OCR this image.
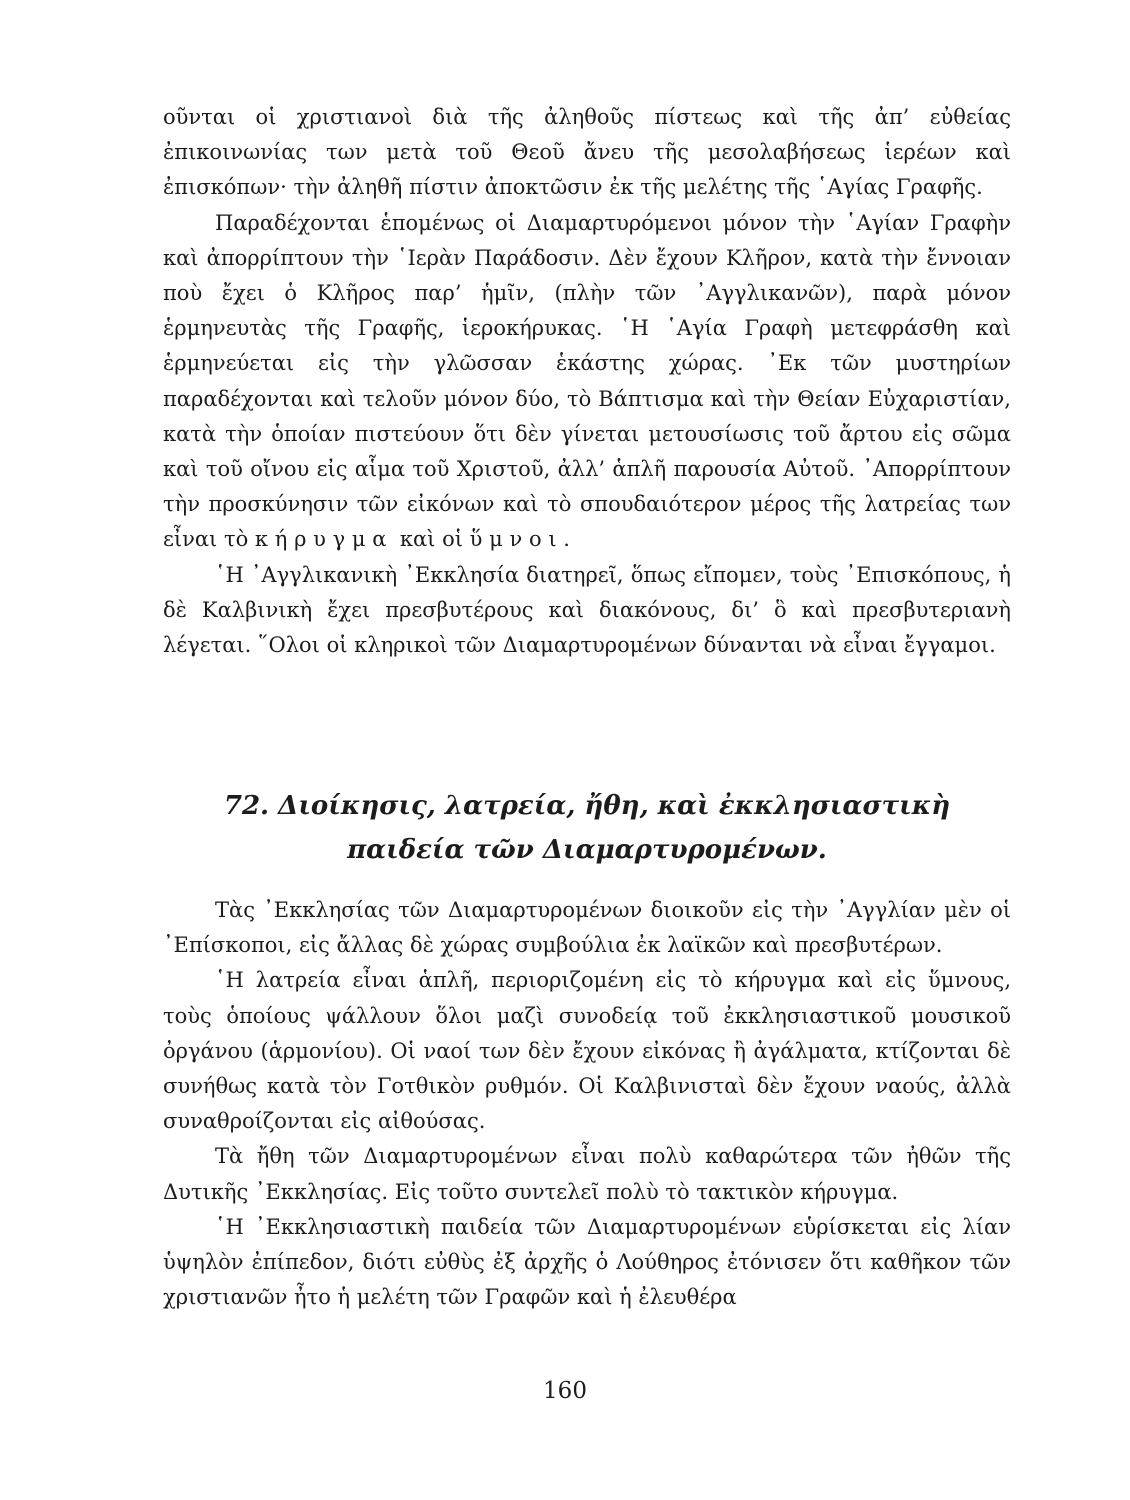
οῦνται οἱ χριστιανοὶ διὰ τῆς ἀληθοῦς πίστεως καὶ τῆς ἀπ’ εὐθείας ἐπικοινωνίας των μετὰ τοῦ Θεοῦ ἄνευ τῆς μεσολαβήσεως ἱερέων καὶ ἐπισκόπων· τὴν ἀληθῆ πίστιν ἀποκτῶσιν ἐκ τῆς μελέτης τῆς ῾Αγίας Γραφῆς.

Παραδέχονται ἑπομένως οἱ Διαμαρτυρόμενοι μόνον τὴν ῾Αγίαν Γραφὴν καὶ ἀπορρίπτουν τὴν ῾Ιερὰν Παράδοσιν. Δὲν ἔχουν Κλῆρον, κατὰ τὴν ἔννοιαν ποὺ ἔχει ὁ Κλῆρος παρ’ ἡμῖν, (πλὴν τῶν ᾽Αγγλικανῶν), παρὰ μόνον ἑρμηνευτὰς τῆς Γραφῆς, ἱεροκήρυκας. ῾Η ῾Αγία Γραφὴ μετεφράσθη καὶ ἑρμηνεύεται εἰς τὴν γλῶσσαν ἑκάστης χώρας. ᾽Εκ τῶν μυστηρίων παραδέχονται καὶ τελοῦν μόνον δύο, τὸ Βάπτισμα καὶ τὴν Θείαν Εὐχαριστίαν, κατὰ τὴν ὁποίαν πιστεύουν ὅτι δὲν γίνεται μετουσίωσις τοῦ ἄρτου εἰς σῶμα καὶ τοῦ οἴνου εἰς αἷμα τοῦ Χριστοῦ, ἀλλ’ ἁπλῆ παρουσία Αὐτοῦ. ᾽Απορρίπτουν τὴν προσκύνησιν τῶν εἰκόνων καὶ τὸ σπουδαιότερον μέρος τῆς λατρείας των εἶναι τὸ κήρυγμα καὶ οἱ ὕμνοι.

῾Η ᾽Αγγλικανικὴ ᾽Εκκλησία διατηρεῖ, ὅπως εἴπομεν, τοὺς ᾽Επισκόπους, ἡ δὲ Καλβινικὴ ἔχει πρεσβυτέρους καὶ διακόνους, δι’ ὃ καὶ πρεσβυτεριανὴ λέγεται. ῞Ολοι οἱ κληρικοὶ τῶν Διαμαρτυρομένων δύνανται νὰ εἶναι ἔγγαμοι.

72. Διοίκησις, λατρεία, ἤθη, καὶ ἐκκλησιαστικὴ
παιδεία τῶν Διαμαρτυρομένων.

Τὰς ᾽Εκκλησίας τῶν Διαμαρτυρομένων διοικοῦν εἰς τὴν ᾽Αγγλίαν μὲν οἱ ᾽Επίσκοποι, εἰς ἄλλας δὲ χώρας συμβούλια ἐκ λαϊκῶν καὶ πρεσβυτέρων.

῾Η λατρεία εἶναι ἁπλῆ, περιοριζομένη εἰς τὸ κήρυγμα καὶ εἰς ὕμνους, τοὺς ὁποίους ψάλλουν ὅλοι μαζὶ συνοδείᾳ τοῦ ἐκκλησιαστικοῦ μουσικοῦ ὀργάνου (ἁρμονίου). Οἱ ναοί των δὲν ἔχουν εἰκόνας ἢ ἀγάλματα, κτίζονται δὲ συνήθως κατὰ τὸν Γοτθικὸν ρυθμόν. Οἱ Καλβινισταὶ δὲν ἔχουν ναούς, ἀλλὰ συναθροίζονται εἰς αἰθούσας.

Τὰ ἤθη τῶν Διαμαρτυρομένων εἶναι πολὺ καθαρώτερα τῶν ἠθῶν τῆς Δυτικῆς ᾽Εκκλησίας. Εἰς τοῦτο συντελεῖ πολὺ τὸ τακτικὸν κήρυγμα.

῾Η ᾽Εκκλησιαστικὴ παιδεία τῶν Διαμαρτυρομένων εὑρίσκεται εἰς λίαν ὑψηλὸν ἐπίπεδον, διότι εὐθὺς ἐξ ἀρχῆς ὁ Λούθηρος ἐτόνισεν ὅτι καθῆκον τῶν χριστιανῶν ἦτο ἡ μελέτη τῶν Γραφῶν καὶ ἡ ἐλευθέρα

160
